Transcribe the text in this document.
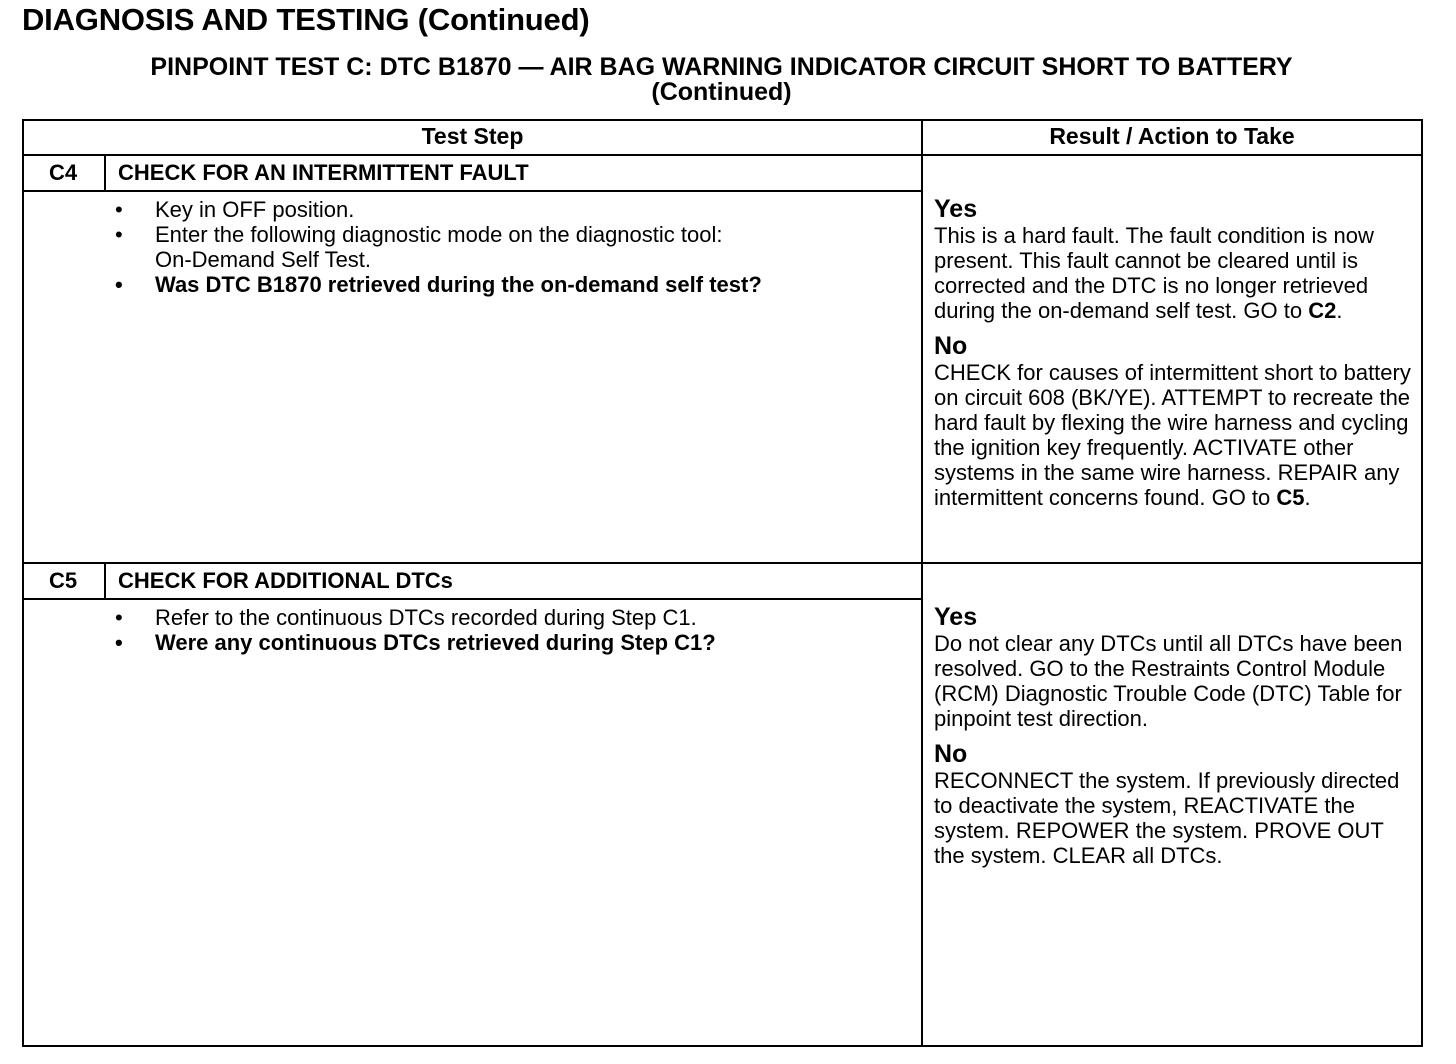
DIAGNOSIS AND TESTING (Continued)
PINPOINT TEST C: DTC B1870 — AIR BAG WARNING INDICATOR CIRCUIT SHORT TO BATTERY
(Continued)
Test Step	Result / Action to Take
C4	CHECK FOR AN INTERMITTENT FAULT
• Key in OFF position.
• Enter the following diagnostic mode on the diagnostic tool:
On-Demand Self Test.
• Was DTC B1870 retrieved during the on-demand self test?
Yes
This is a hard fault. The fault condition is now present. This fault cannot be cleared until is corrected and the DTC is no longer retrieved during the on-demand self test. GO to C2.
No
CHECK for causes of intermittent short to battery on circuit 608 (BK/YE). ATTEMPT to recreate the hard fault by flexing the wire harness and cycling the ignition key frequently. ACTIVATE other systems in the same wire harness. REPAIR any intermittent concerns found. GO to C5.
C5	CHECK FOR ADDITIONAL DTCs
• Refer to the continuous DTCs recorded during Step C1.
• Were any continuous DTCs retrieved during Step C1?
Yes
Do not clear any DTCs until all DTCs have been resolved. GO to the Restraints Control Module (RCM) Diagnostic Trouble Code (DTC) Table for pinpoint test direction.
No
RECONNECT the system. If previously directed to deactivate the system, REACTIVATE the system. REPOWER the system. PROVE OUT the system. CLEAR all DTCs.
